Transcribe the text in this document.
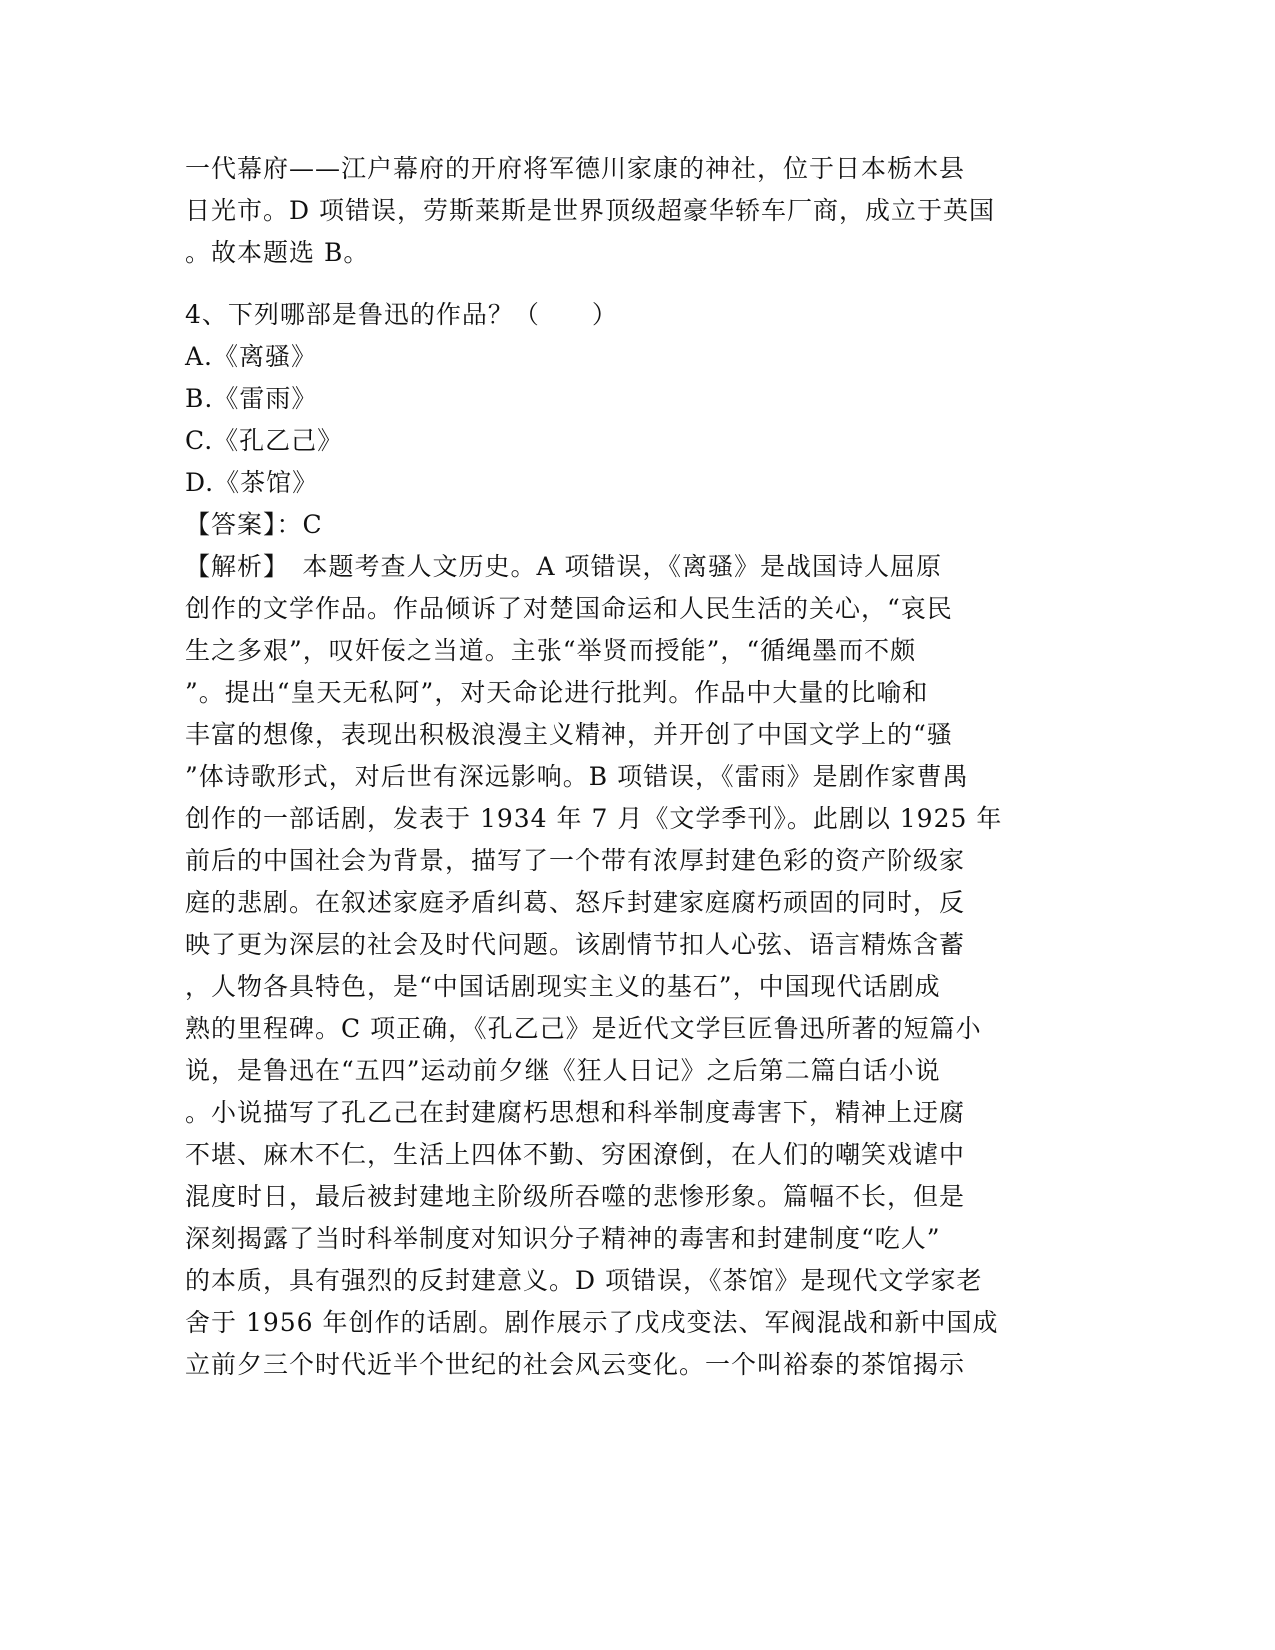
一代幕府——江户幕府的开府将军德川家康的神社，位于日本栃木县
日光市。D 项错误，劳斯莱斯是世界顶级超豪华轿车厂商，成立于英国
。故本题选 B。
4、下列哪部是鲁迅的作品？（　　）
A.《离骚》
B.《雷雨》
C.《孔乙己》
D.《茶馆》
【答案】：C
【解析】　本题考查人文历史。A 项错误，《离骚》是战国诗人屈原
创作的文学作品。作品倾诉了对楚国命运和人民生活的关心，“哀民
生之多艰”，叹奸佞之当道。主张“举贤而授能”，“循绳墨而不颇
”。提出“皇天无私阿”，对天命论进行批判。作品中大量的比喻和
丰富的想像，表现出积极浪漫主义精神，并开创了中国文学上的“骚
”体诗歌形式，对后世有深远影响。B 项错误，《雷雨》是剧作家曹禺
创作的一部话剧，发表于 1934 年 7 月《文学季刊》。此剧以 1925 年
前后的中国社会为背景，描写了一个带有浓厚封建色彩的资产阶级家
庭的悲剧。在叙述家庭矛盾纠葛、怒斥封建家庭腐朽顽固的同时，反
映了更为深层的社会及时代问题。该剧情节扣人心弦、语言精炼含蓄
，人物各具特色，是“中国话剧现实主义的基石”，中国现代话剧成
熟的里程碑。C 项正确，《孔乙己》是近代文学巨匠鲁迅所著的短篇小
说，是鲁迅在“五四”运动前夕继《狂人日记》之后第二篇白话小说
。小说描写了孔乙己在封建腐朽思想和科举制度毒害下，精神上迂腐
不堪、麻木不仁，生活上四体不勤、穷困潦倒，在人们的嘲笑戏谑中
混度时日，最后被封建地主阶级所吞噬的悲惨形象。篇幅不长，但是
深刻揭露了当时科举制度对知识分子精神的毒害和封建制度“吃人”
的本质，具有强烈的反封建意义。D 项错误，《茶馆》是现代文学家老
舍于 1956 年创作的话剧。剧作展示了戊戌变法、军阀混战和新中国成
立前夕三个时代近半个世纪的社会风云变化。一个叫裕泰的茶馆揭示
